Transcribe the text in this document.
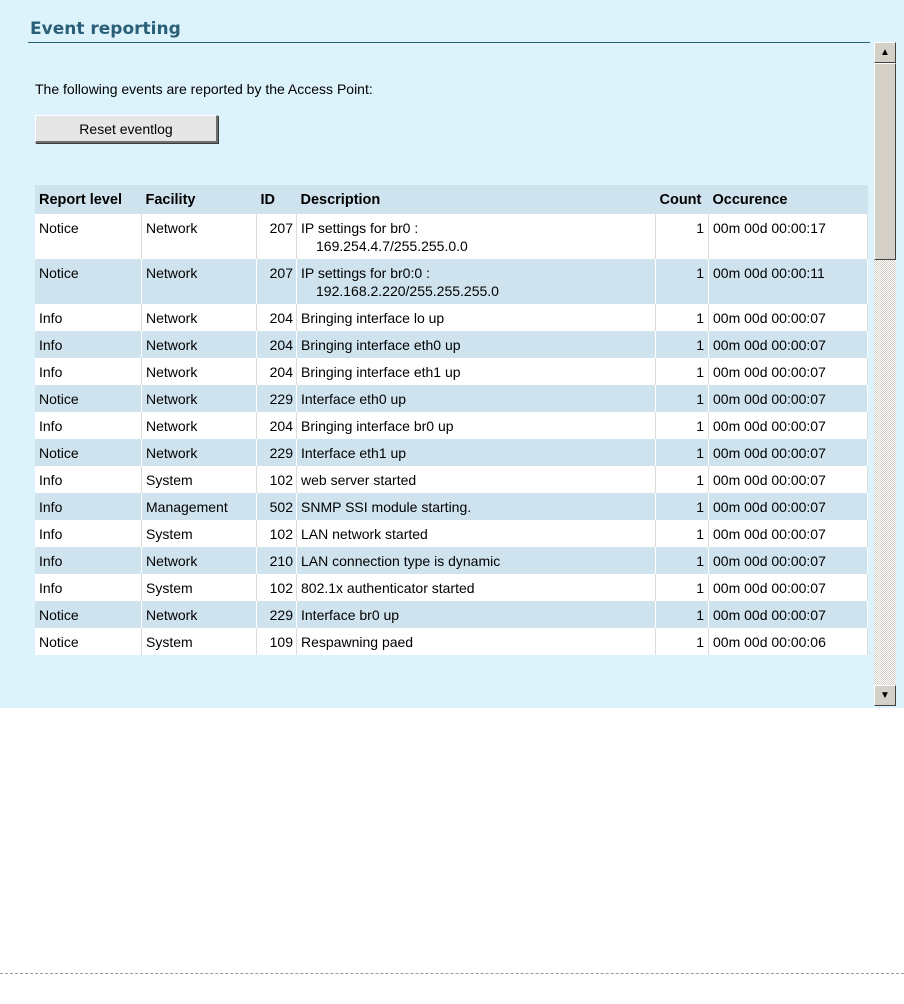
Event reporting
The following events are reported by the Access Point:
Reset eventlog
Report level	Facility	ID	Description	Count	Occurence
Notice	Network	207	IP settings for br0 :
169.254.4.7/255.255.0.0	1	00m 00d 00:00:17
Notice	Network	207	IP settings for br0:0 :
192.168.2.220/255.255.255.0	1	00m 00d 00:00:11
Info	Network	204	Bringing interface lo up	1	00m 00d 00:00:07
Info	Network	204	Bringing interface eth0 up	1	00m 00d 00:00:07
Info	Network	204	Bringing interface eth1 up	1	00m 00d 00:00:07
Notice	Network	229	Interface eth0 up	1	00m 00d 00:00:07
Info	Network	204	Bringing interface br0 up	1	00m 00d 00:00:07
Notice	Network	229	Interface eth1 up	1	00m 00d 00:00:07
Info	System	102	web server started	1	00m 00d 00:00:07
Info	Management	502	SNMP SSI module starting.	1	00m 00d 00:00:07
Info	System	102	LAN network started	1	00m 00d 00:00:07
Info	Network	210	LAN connection type is dynamic	1	00m 00d 00:00:07
Info	System	102	802.1x authenticator started	1	00m 00d 00:00:07
Notice	Network	229	Interface br0 up	1	00m 00d 00:00:07
Notice	System	109	Respawning paed	1	00m 00d 00:00:06
▲
▼
